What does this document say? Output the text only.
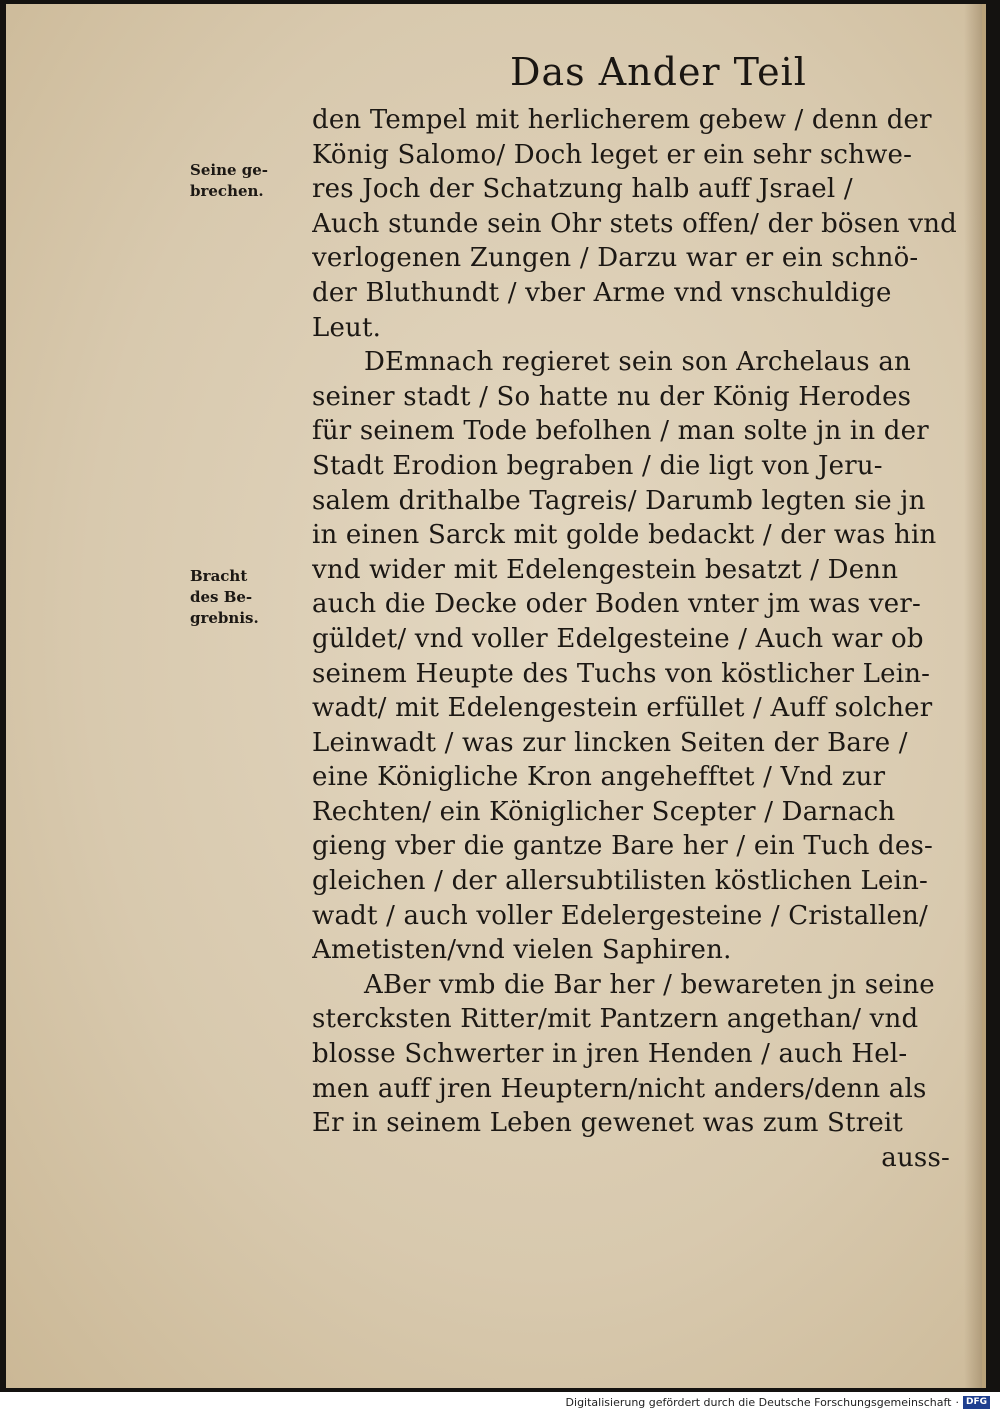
Das Ander Teil
Seine ge-
brechen.
Bracht
des Be-
grebnis.
den Tempel mit herlicherem gebew / denn der
König Salomo/ Doch leget er ein sehr schwe-
res Joch der Schatzung halb auff Jsrael /
Auch stunde sein Ohr stets offen/ der bösen vnd
verlogenen Zungen / Darzu war er ein schnö-
der Bluthundt / vber Arme vnd vnschuldige
Leut.
DEmnach regieret sein son Archelaus an
seiner stadt / So hatte nu der König Herodes
für seinem Tode befolhen / man solte jn in der
Stadt Erodion begraben / die ligt von Jeru-
salem drithalbe Tagreis/ Darumb legten sie jn
in einen Sarck mit golde bedackt / der was hin
vnd wider mit Edelengestein besatzt / Denn
auch die Decke oder Boden vnter jm was ver-
güldet/ vnd voller Edelgesteine / Auch war ob
seinem Heupte des Tuchs von köstlicher Lein-
wadt/ mit Edelengestein erfüllet / Auff solcher
Leinwadt / was zur lincken Seiten der Bare /
eine Königliche Kron angehefftet / Vnd zur
Rechten/ ein Königlicher Scepter / Darnach
gieng vber die gantze Bare her / ein Tuch des-
gleichen / der allersubtilisten köstlichen Lein-
wadt / auch voller Edelergesteine / Cristallen/
Ametisten/vnd vielen Saphiren.
ABer vmb die Bar her / bewareten jn seine
stercksten Ritter/mit Pantzern angethan/ vnd
blosse Schwerter in jren Henden / auch Hel-
men auff jren Heuptern/nicht anders/denn als
Er in seinem Leben gewenet was zum Streit
auss-
Digitalisierung gefördert durch die Deutsche Forschungsgemeinschaft · DFG
